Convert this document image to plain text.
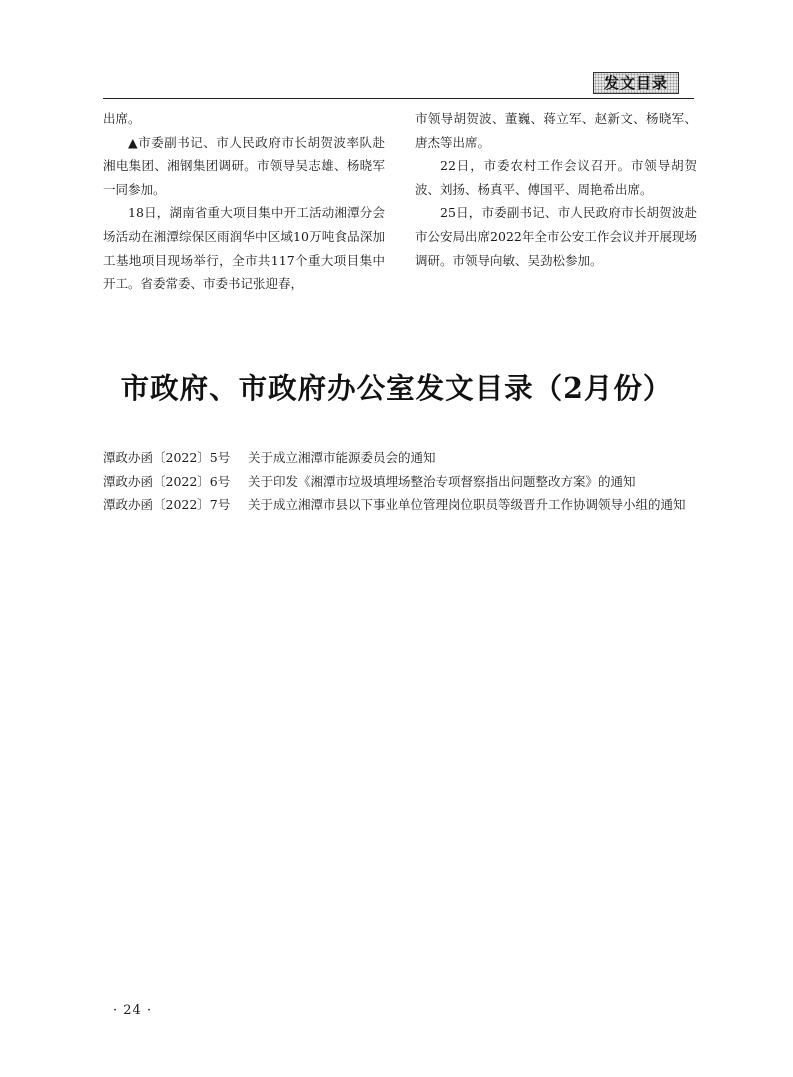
发文目录

出席。

▲市委副书记、市人民政府市长胡贺波率队赴湘电集团、湘钢集团调研。市领导吴志雄、杨晓军一同参加。

18日，湖南省重大项目集中开工活动湘潭分会场活动在湘潭综保区雨润华中区域10万吨食品深加工基地项目现场举行，全市共117个重大项目集中开工。省委常委、市委书记张迎春，

市领导胡贺波、董巍、蒋立军、赵新文、杨晓军、唐杰等出席。

22日，市委农村工作会议召开。市领导胡贺波、刘扬、杨真平、傅国平、周艳希出席。

25日，市委副书记、市人民政府市长胡贺波赴市公安局出席2022年全市公安工作会议并开展现场调研。市领导向敏、吴劲松参加。

市政府、市政府办公室发文目录（2月份）
潭政办函〔2022〕5号	关于成立湘潭市能源委员会的通知
潭政办函〔2022〕6号	关于印发《湘潭市垃圾填埋场整治专项督察指出问题整改方案》的通知
潭政办函〔2022〕7号	关于成立湘潭市县以下事业单位管理岗位职员等级晋升工作协调领导小组的通知
· 24 ·
